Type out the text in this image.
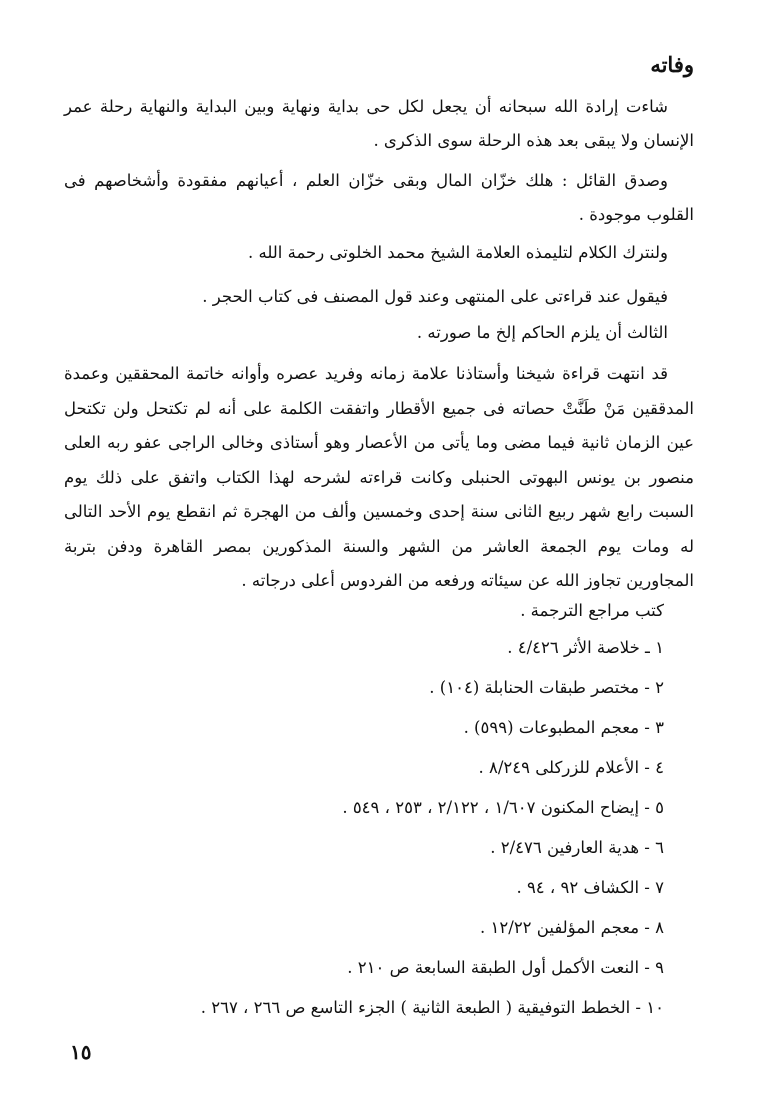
وفاته

شاءت إرادة الله سبحانه أن يجعل لكل حى بداية ونهاية وبين البداية والنهاية رحلة عمر الإنسان ولا يبقى بعد هذه الرحلة سوى الذكرى .

وصدق القائل : هلك خزّان المال وبقى خزّان العلم ، أعيانهم مفقودة وأشخاصهم فى القلوب موجودة .

ولنترك الكلام لتليمذه العلامة الشيخ محمد الخلوتى رحمة الله .

فيقول عند قراءتى على المنتهى وعند قول المصنف فى كتاب الحجر .

الثالث أن يلزم الحاكم إلخ ما صورته .

قد انتهت قراءة شيخنا وأستاذنا علامة زمانه وفريد عصره وأوانه خاتمة المحققين وعمدة المدققين مَنْ طَنَّتْ حصاته فى جميع الأقطار واتفقت الكلمة على أنه لم تكتحل ولن تكتحل عين الزمان ثانية فيما مضى وما يأتى من الأعصار وهو أستاذى وخالى الراجى عفو ربه العلى منصور بن يونس البهوتى الحنبلى وكانت قراءته لشرحه لهذا الكتاب واتفق على ذلك يوم السبت رابع شهر ربيع الثانى سنة إحدى وخمسين وألف من الهجرة ثم انقطع يوم الأحد التالى له ومات يوم الجمعة العاشر من الشهر والسنة المذكورين بمصر القاهرة ودفن بتربة المجاورين تجاوز الله عن سيئاته ورفعه من الفردوس أعلى درجاته .

كتب مراجع الترجمة .

١ ـ خلاصة الأثر ٤/٤٢٦ .
٢ - مختصر طبقات الحنابلة (١٠٤) .
٣ - معجم المطبوعات (٥٩٩) .
٤ - الأعلام للزركلى ٨/٢٤٩ .
٥ - إيضاح المكنون ١/٦٠٧ ، ٢/١٢٢ ، ٢٥٣ ، ٥٤٩ .
٦ - هدية العارفين ٢/٤٧٦ .
٧ - الكشاف ٩٢ ، ٩٤ .
٨ - معجم المؤلفين ١٢/٢٢ .
٩ - النعت الأكمل أول الطبقة السابعة ص ٢١٠ .
١٠ - الخطط التوفيقية ( الطبعة الثانية ) الجزء التاسع ص ٢٦٦ ، ٢٦٧ .

١٥
